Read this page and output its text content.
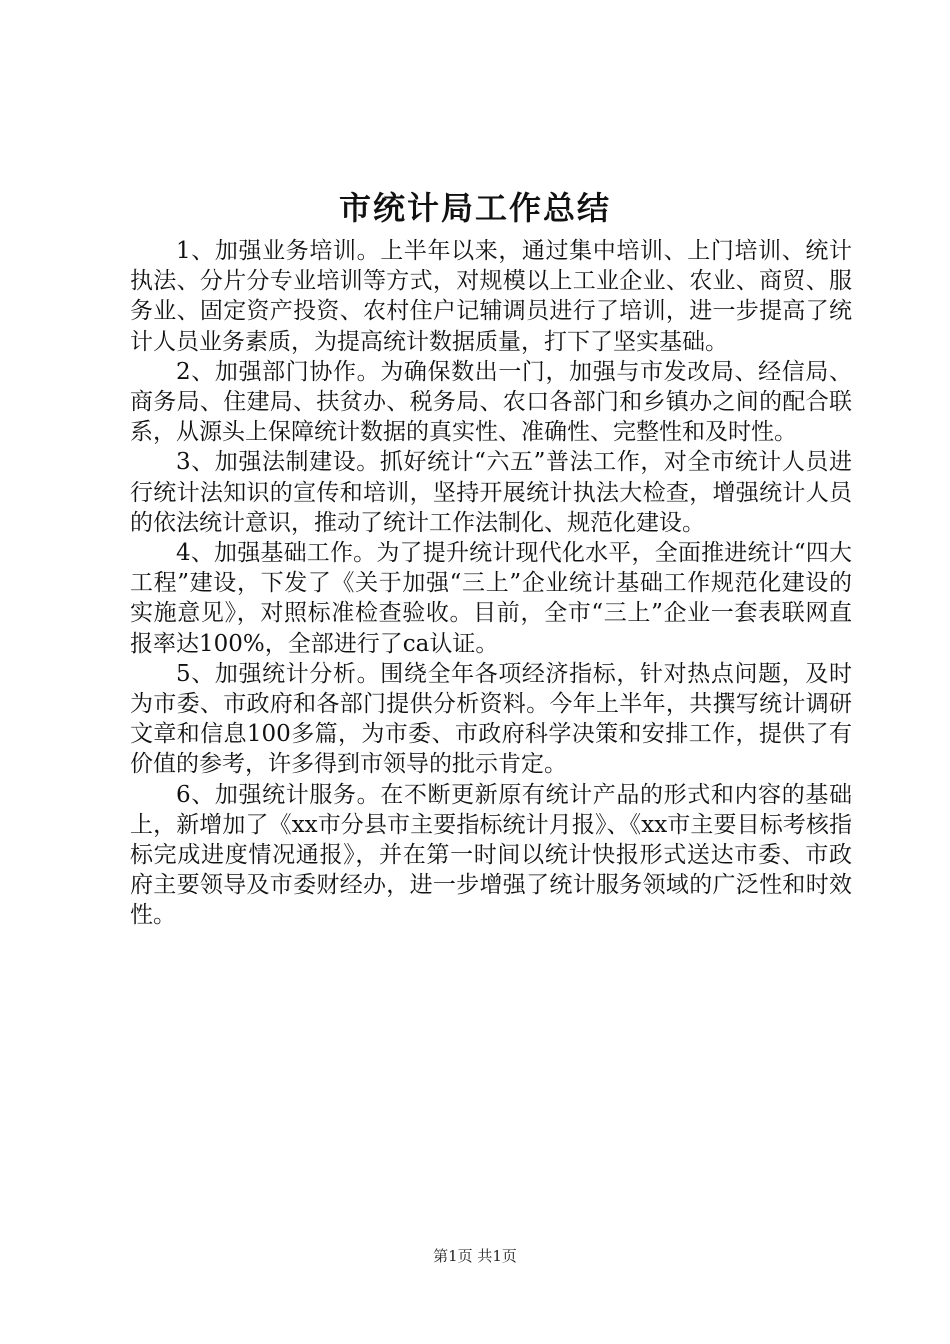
市统计局工作总结

1、加强业务培训。上半年以来，通过集中培训、上门培训、统计执法、分片分专业培训等方式，对规模以上工业企业、农业、商贸、服务业、固定资产投资、农村住户记辅调员进行了培训，进一步提高了统计人员业务素质，为提高统计数据质量，打下了坚实基础。

2、加强部门协作。为确保数出一门，加强与市发改局、经信局、商务局、住建局、扶贫办、税务局、农口各部门和乡镇办之间的配合联系，从源头上保障统计数据的真实性、准确性、完整性和及时性。

3、加强法制建设。抓好统计“六五”普法工作，对全市统计人员进行统计法知识的宣传和培训，坚持开展统计执法大检查，增强统计人员的依法统计意识，推动了统计工作法制化、规范化建设。

4、加强基础工作。为了提升统计现代化水平，全面推进统计“四大工程”建设，下发了《关于加强“三上”企业统计基础工作规范化建设的实施意见》，对照标准检查验收。目前，全市“三上”企业一套表联网直报率达100%，全部进行了ca认证。

5、加强统计分析。围绕全年各项经济指标，针对热点问题，及时为市委、市政府和各部门提供分析资料。今年上半年，共撰写统计调研文章和信息100多篇，为市委、市政府科学决策和安排工作，提供了有价值的参考，许多得到市领导的批示肯定。

6、加强统计服务。在不断更新原有统计产品的形式和内容的基础上，新增加了《xx市分县市主要指标统计月报》、《xx市主要目标考核指标完成进度情况通报》，并在第一时间以统计快报形式送达市委、市政府主要领导及市委财经办，进一步增强了统计服务领域的广泛性和时效性。

第1页 共1页
